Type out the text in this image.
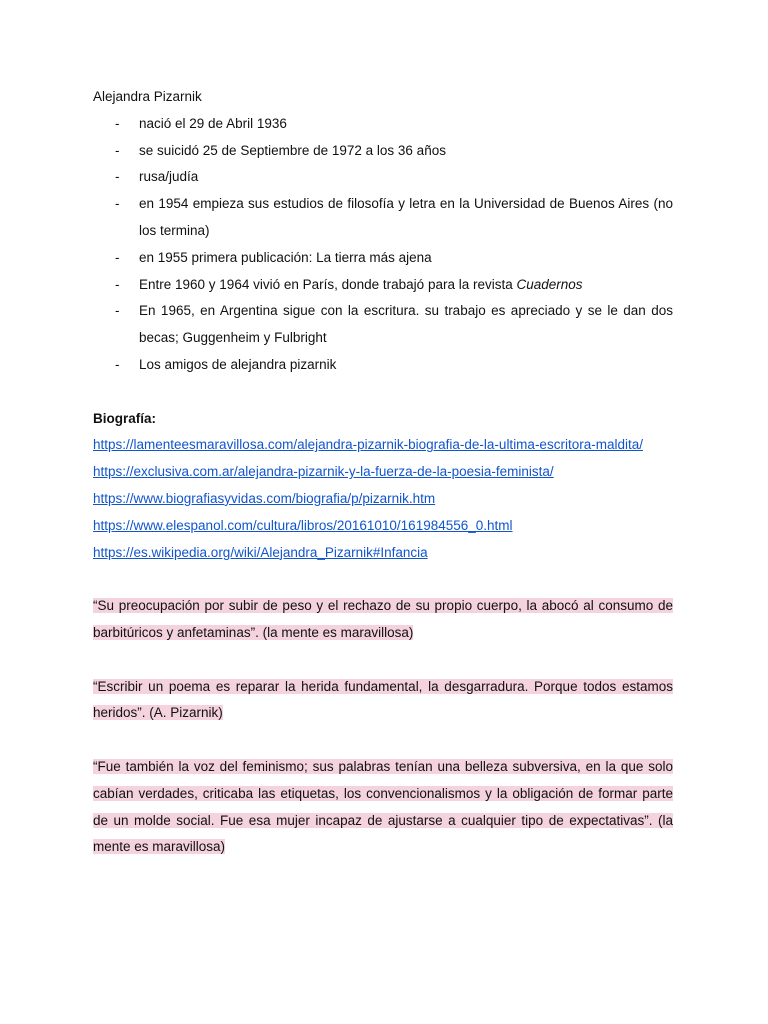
Alejandra Pizarnik
- nació el 29 de Abril 1936
- se suicidó 25 de Septiembre de 1972 a los 36 años
- rusa/judía
- en 1954 empieza sus estudios de filosofía y letra en la Universidad de Buenos Aires (no los termina)
- en 1955 primera publicación: La tierra más ajena
- Entre 1960 y 1964 vivió en París, donde trabajó para la revista Cuadernos
- En 1965, en Argentina sigue con la escritura. su trabajo es apreciado y se le dan dos becas; Guggenheim y Fulbright
- Los amigos de alejandra pizarnik
Biografía:
https://lamenteesmaravillosa.com/alejandra-pizarnik-biografia-de-la-ultima-escritora-maldita/
https://exclusiva.com.ar/alejandra-pizarnik-y-la-fuerza-de-la-poesia-feminista/
https://www.biografiasyvidas.com/biografia/p/pizarnik.htm
https://www.elespanol.com/cultura/libros/20161010/161984556_0.html
https://es.wikipedia.org/wiki/Alejandra_Pizarnik#Infancia

“Su preocupación por subir de peso y el rechazo de su propio cuerpo, la abocó al consumo de barbitúricos y anfetaminas”. (la mente es maravillosa)

“Escribir un poema es reparar la herida fundamental, la desgarradura. Porque todos estamos heridos”. (A. Pizarnik)

“Fue también la voz del feminismo; sus palabras tenían una belleza subversiva, en la que solo cabían verdades, criticaba las etiquetas, los convencionalismos y la obligación de formar parte de un molde social. Fue esa mujer incapaz de ajustarse a cualquier tipo de expectativas”. (la mente es maravillosa)
